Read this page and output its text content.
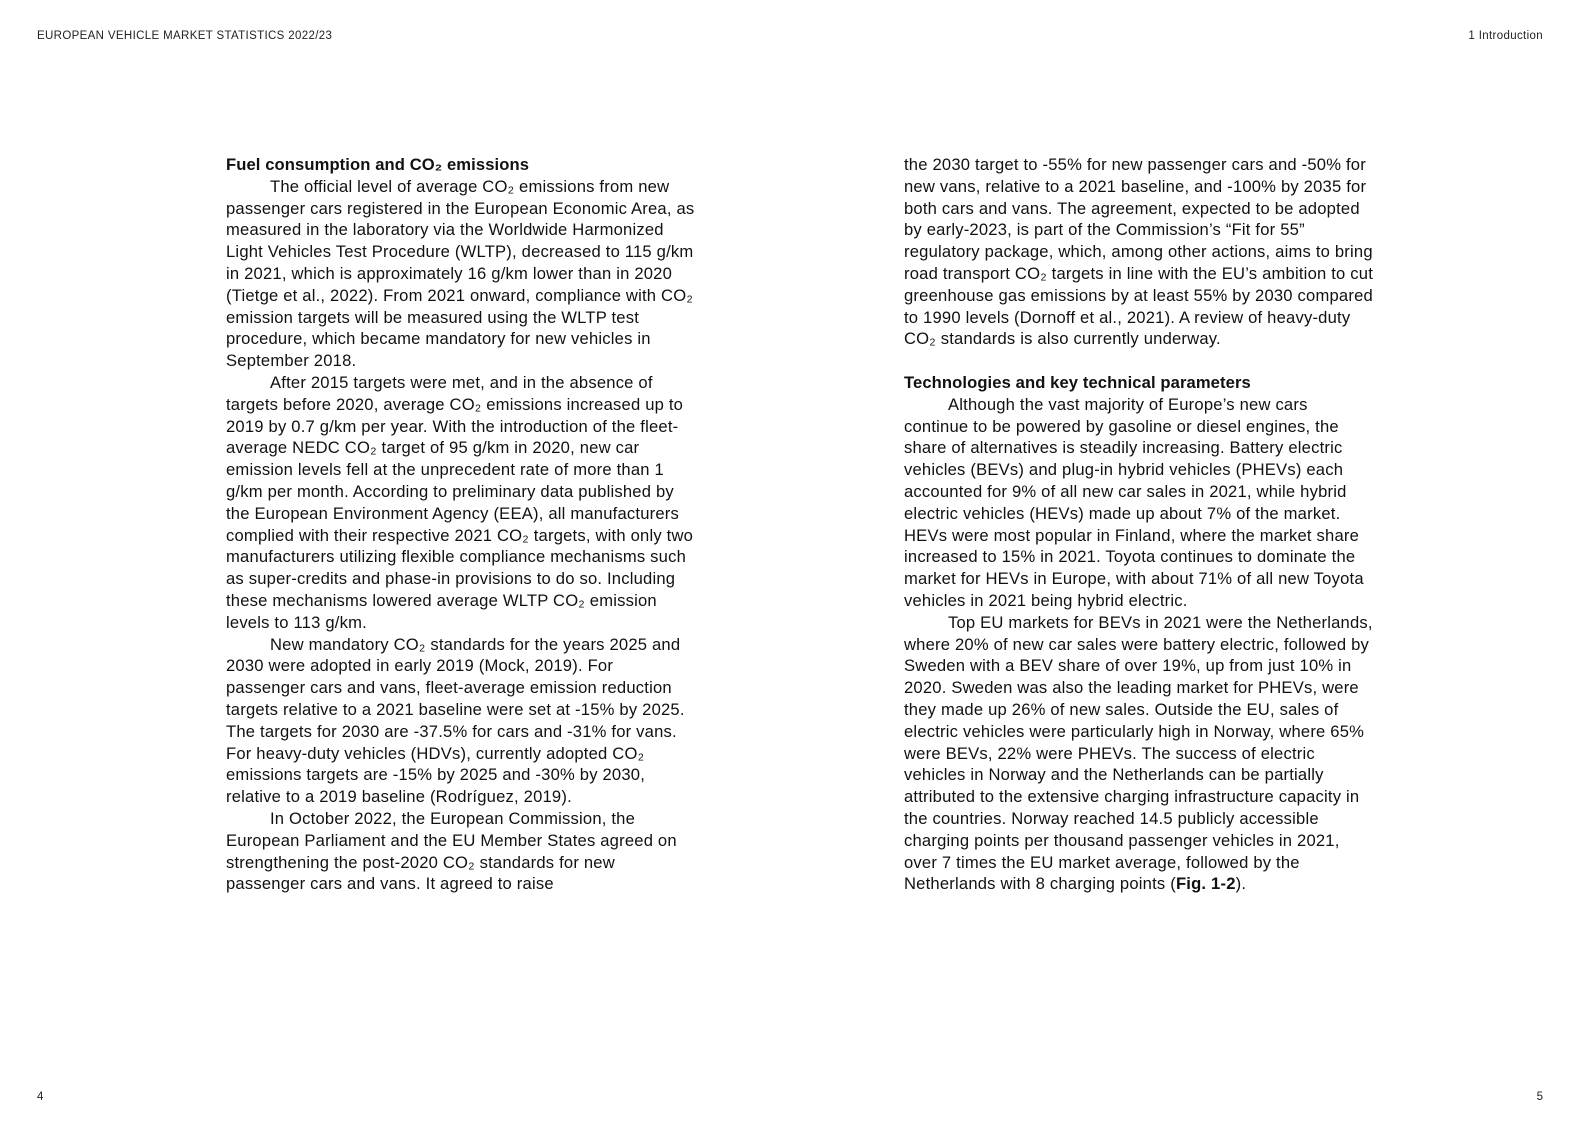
EUROPEAN VEHICLE MARKET STATISTICS 2022/23	1 Introduction
Fuel consumption and CO₂ emissions

The official level of average CO₂ emissions from new passenger cars registered in the European Economic Area, as measured in the laboratory via the Worldwide Harmonized Light Vehicles Test Procedure (WLTP), decreased to 115 g/km in 2021, which is approximately 16 g/km lower than in 2020 (Tietge et al., 2022). From 2021 onward, compliance with CO₂ emission targets will be measured using the WLTP test procedure, which became mandatory for new vehicles in September 2018.

After 2015 targets were met, and in the absence of targets before 2020, average CO₂ emissions increased up to 2019 by 0.7 g/km per year. With the introduction of the fleet-average NEDC CO₂ target of 95 g/km in 2020, new car emission levels fell at the unprecedent rate of more than 1 g/km per month. According to preliminary data published by the European Environment Agency (EEA), all manufacturers complied with their respective 2021 CO₂ targets, with only two manufacturers utilizing flexible compliance mechanisms such as super-credits and phase-in provisions to do so. Including these mechanisms lowered average WLTP CO₂ emission levels to 113 g/km.

New mandatory CO₂ standards for the years 2025 and 2030 were adopted in early 2019 (Mock, 2019). For passenger cars and vans, fleet-average emission reduction targets relative to a 2021 baseline were set at -15% by 2025. The targets for 2030 are -37.5% for cars and -31% for vans. For heavy-duty vehicles (HDVs), currently adopted CO₂ emissions targets are -15% by 2025 and -30% by 2030, relative to a 2019 baseline (Rodríguez, 2019).

In October 2022, the European Commission, the European Parliament and the EU Member States agreed on strengthening the post-2020 CO₂ standards for new passenger cars and vans. It agreed to raise

the 2030 target to -55% for new passenger cars and -50% for new vans, relative to a 2021 baseline, and -100% by 2035 for both cars and vans. The agreement, expected to be adopted by early-2023, is part of the Commission’s “Fit for 55” regulatory package, which, among other actions, aims to bring road transport CO₂ targets in line with the EU’s ambition to cut greenhouse gas emissions by at least 55% by 2030 compared to 1990 levels (Dornoff et al., 2021). A review of heavy-duty CO₂ standards is also currently underway.

Technologies and key technical parameters

Although the vast majority of Europe’s new cars continue to be powered by gasoline or diesel engines, the share of alternatives is steadily increasing. Battery electric vehicles (BEVs) and plug-in hybrid vehicles (PHEVs) each accounted for 9% of all new car sales in 2021, while hybrid electric vehicles (HEVs) made up about 7% of the market. HEVs were most popular in Finland, where the market share increased to 15% in 2021. Toyota continues to dominate the market for HEVs in Europe, with about 71% of all new Toyota vehicles in 2021 being hybrid electric.

Top EU markets for BEVs in 2021 were the Netherlands, where 20% of new car sales were battery electric, followed by Sweden with a BEV share of over 19%, up from just 10% in 2020. Sweden was also the leading market for PHEVs, were they made up 26% of new sales. Outside the EU, sales of electric vehicles were particularly high in Norway, where 65% were BEVs, 22% were PHEVs. The success of electric vehicles in Norway and the Netherlands can be partially attributed to the extensive charging infrastructure capacity in the countries. Norway reached 14.5 publicly accessible charging points per thousand passenger vehicles in 2021, over 7 times the EU market average, followed by the Netherlands with 8 charging points (Fig. 1-2).

4	5
